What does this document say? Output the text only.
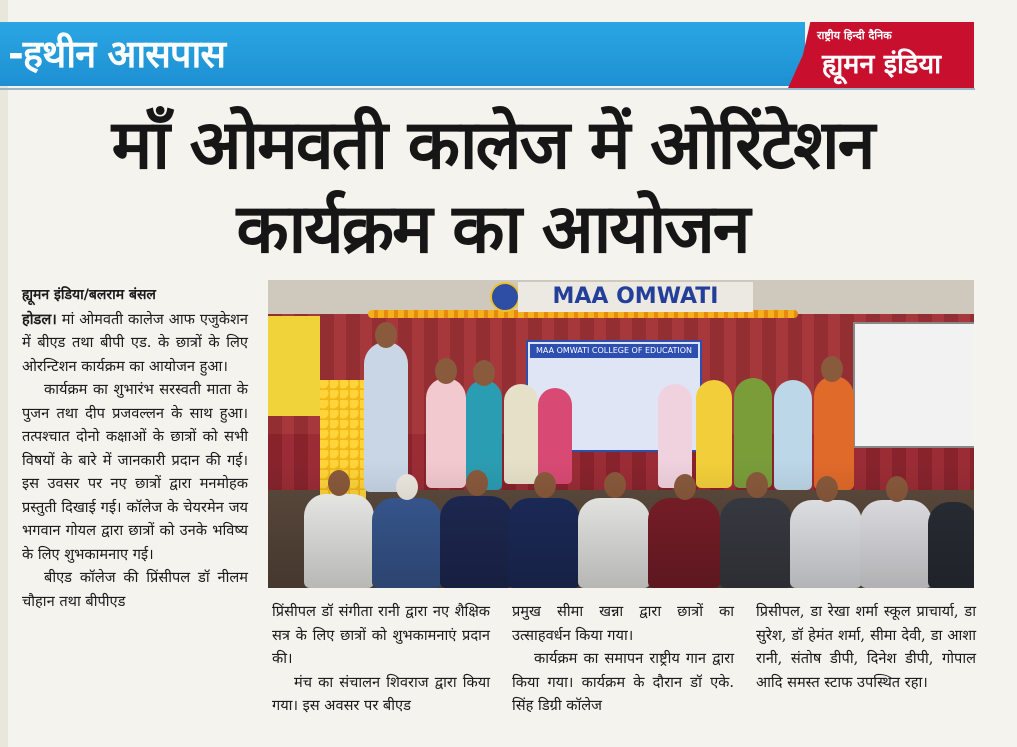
-हथीन आसपास	राष्ट्रीय हिन्दी दैनिक
ह्यूमन इंडिया
माँ ओमवती कालेज में ओरिंटेशन
कार्यक्रम का आयोजन

ह्यूमन इंडिया/बलराम बंसल

होडल। मां ओमवती कालेज आफ एजुकेशन में बीएड तथा बीपी एड. के छात्रों के लिए ओरन्टिशन कार्यक्रम का आयोजन हुआ।

कार्यक्रम का शुभारंभ सरस्वती माता के पुजन तथा दीप प्रजवल्लन के साथ हुआ। तत्पश्चात दोनो कक्षाओं के छात्रों को सभी विषयों के बारे में जानकारी प्रदान की गई। इस उवसर पर नए छात्रों द्वारा मनमोहक प्रस्तुती दिखाई गई। कॉलेज के चेयरमेन जय भगवान गोयल द्वारा छात्रों को उनके भविष्य के लिए शुभकामनाए गई।

बीएड कॉलेज की प्रिंसीपल डॉ नीलम चौहान तथा बीपीएड

MAA OMWATI
MAA OMWATI COLLEGE OF EDUCATION

प्रिंसीपल डॉ संगीता रानी द्वारा नए शैक्षिक सत्र के लिए छात्रों को शुभकामनाएं प्रदान की।

मंच का संचालन शिवराज द्वारा किया गया। इस अवसर पर बीएड

प्रमुख सीमा खन्ना द्वारा छात्रों का उत्साहवर्धन किया गया।

कार्यक्रम का समापन राष्ट्रीय गान द्वारा किया गया। कार्यक्रम के दौरान डॉ एके. सिंह डिग्री कॉलेज

प्रिसीपल, डा रेखा शर्मा स्कूल प्राचार्या, डा सुरेश, डॉ हेमंत शर्मा, सीमा देवी, डा आशा रानी, संतोष डीपी, दिनेश डीपी, गोपाल आदि समस्त स्टाफ उपस्थित रहा।
